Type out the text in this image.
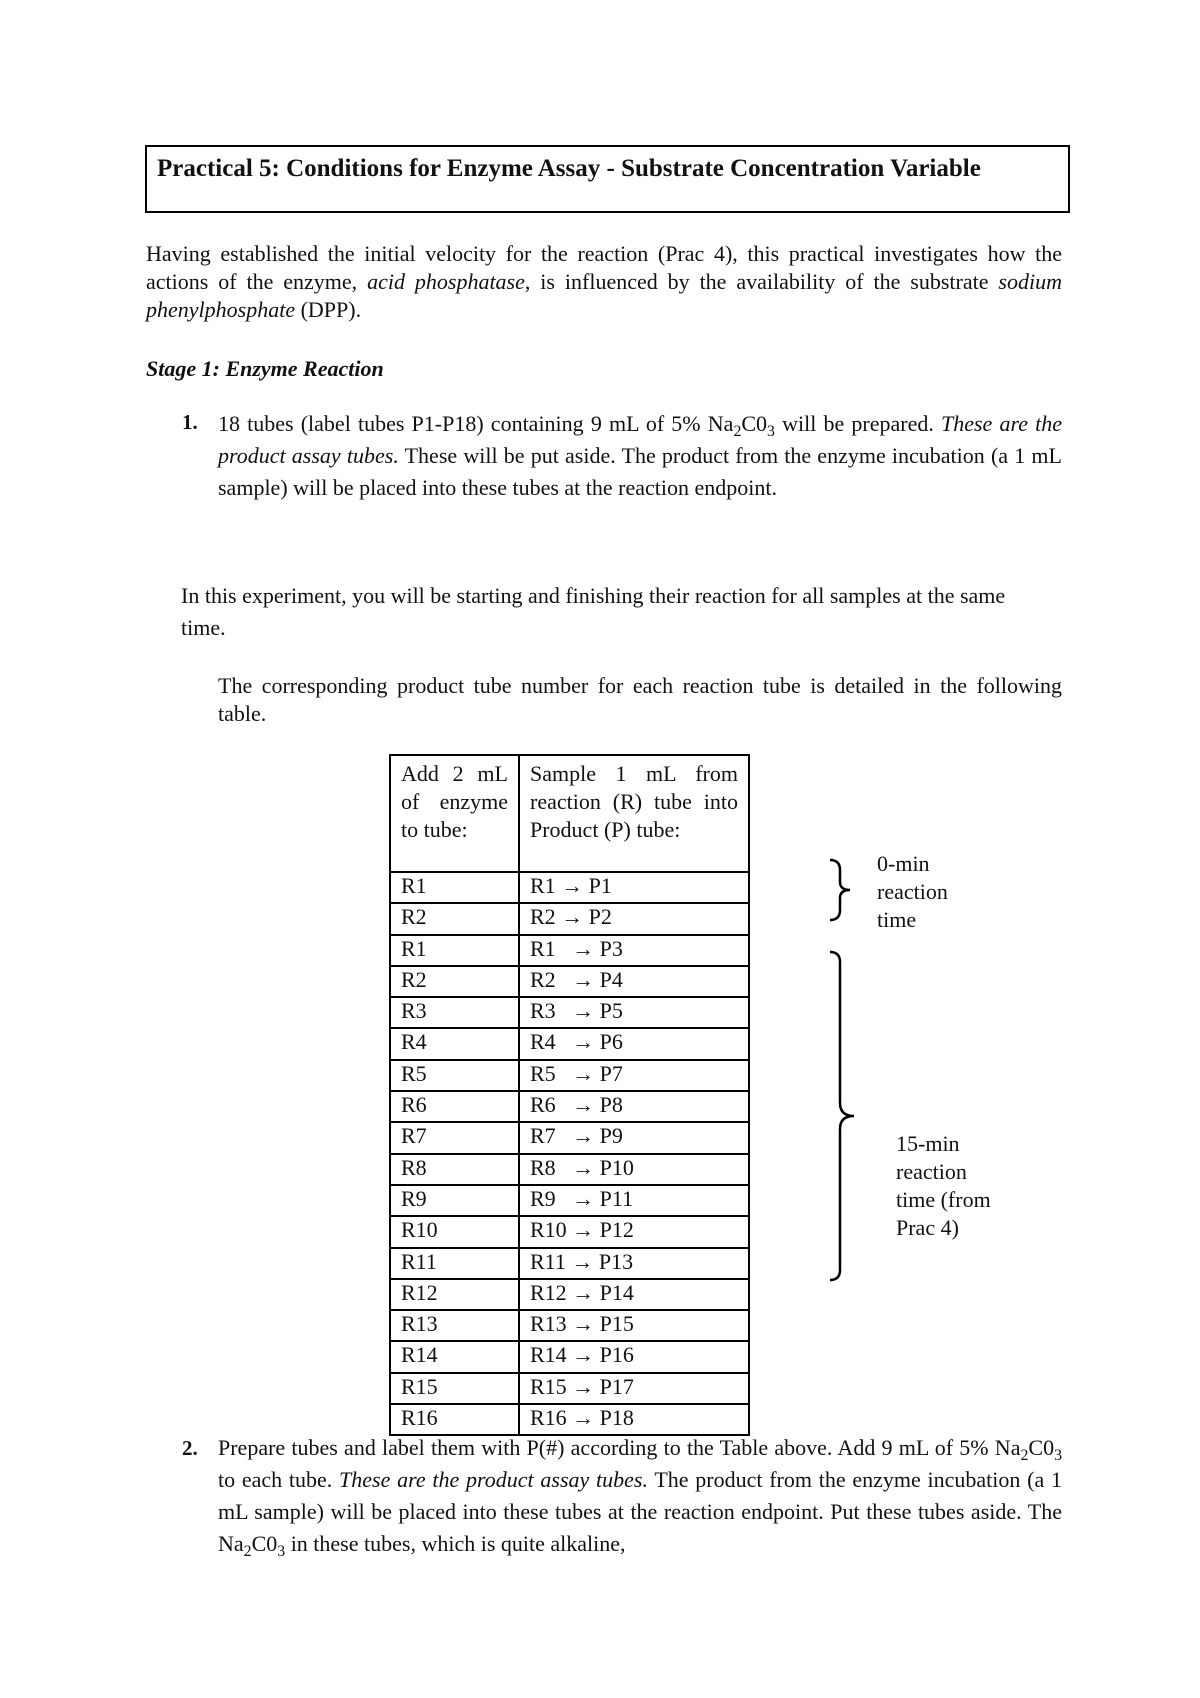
Practical 5: Conditions for Enzyme Assay - Substrate Concentration Variable
Having established the initial velocity for the reaction (Prac 4), this practical investigates how the actions of the enzyme, acid phosphatase, is influenced by the availability of the substrate sodium phenylphosphate (DPP).
Stage 1: Enzyme Reaction
1. 18 tubes (label tubes P1-P18) containing 9 mL of 5% $Na_2C0_3$ will be prepared. These are the product assay tubes. These will be put aside. The product from the enzyme incubation (a 1 mL sample) will be placed into these tubes at the reaction endpoint.
In this experiment, you will be starting and finishing their reaction for all samples at the same time.
The corresponding product tube number for each reaction tube is detailed in the following table.
Add 2 mL of enzyme to tube:	Sample 1 mL from reaction (R) tube into Product (P) tube:
R1	R1 → P1
R2	R2 → P2
R1	R1   → P3
R2	R2   → P4
R3	R3   → P5
R4	R4   → P6
R5	R5   → P7
R6	R6   → P8
R7	R7   → P9
R8	R8   → P10
R9	R9   → P11
R10	R10 → P12
R11	R11 → P13
R12	R12 → P14
R13	R13 → P15
R14	R14 → P16
R15	R15 → P17
R16	R16 → P18
0-min
reaction
time
15-min
reaction
time (from
Prac 4)
2. Prepare tubes and label them with P(#) according to the Table above. Add 9 mL of 5% $Na_2C0_3$ to each tube. These are the product assay tubes. The product from the enzyme incubation (a 1 mL sample) will be placed into these tubes at the reaction endpoint. Put these tubes aside. The $Na_2C0_3$ in these tubes, which is quite alkaline,
